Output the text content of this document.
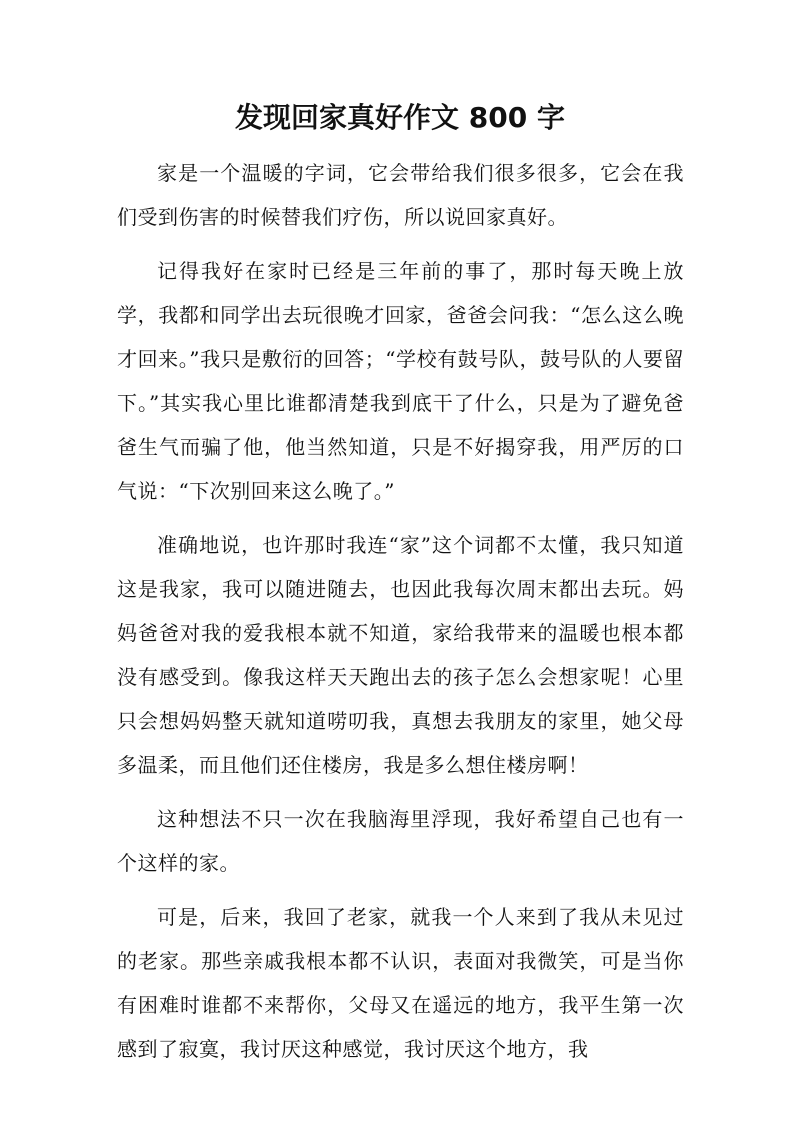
发现回家真好作文 800 字

家是一个温暖的字词，它会带给我们很多很多，它会在我们受到伤害的时候替我们疗伤，所以说回家真好。

记得我好在家时已经是三年前的事了，那时每天晚上放学，我都和同学出去玩很晚才回家，爸爸会问我：“怎么这么晚才回来。”我只是敷衍的回答；“学校有鼓号队，鼓号队的人要留下。”其实我心里比谁都清楚我到底干了什么，只是为了避免爸爸生气而骗了他，他当然知道，只是不好揭穿我，用严厉的口气说：“下次别回来这么晚了。”

准确地说，也许那时我连“家”这个词都不太懂，我只知道这是我家，我可以随进随去，也因此我每次周末都出去玩。妈妈爸爸对我的爱我根本就不知道，家给我带来的温暖也根本都没有感受到。像我这样天天跑出去的孩子怎么会想家呢！心里只会想妈妈整天就知道唠叨我，真想去我朋友的家里，她父母多温柔，而且他们还住楼房，我是多么想住楼房啊！

这种想法不只一次在我脑海里浮现，我好希望自己也有一个这样的家。

可是，后来，我回了老家，就我一个人来到了我从未见过的老家。那些亲戚我根本都不认识，表面对我微笑，可是当你有困难时谁都不来帮你，父母又在遥远的地方，我平生第一次感到了寂寞，我讨厌这种感觉，我讨厌这个地方，我
